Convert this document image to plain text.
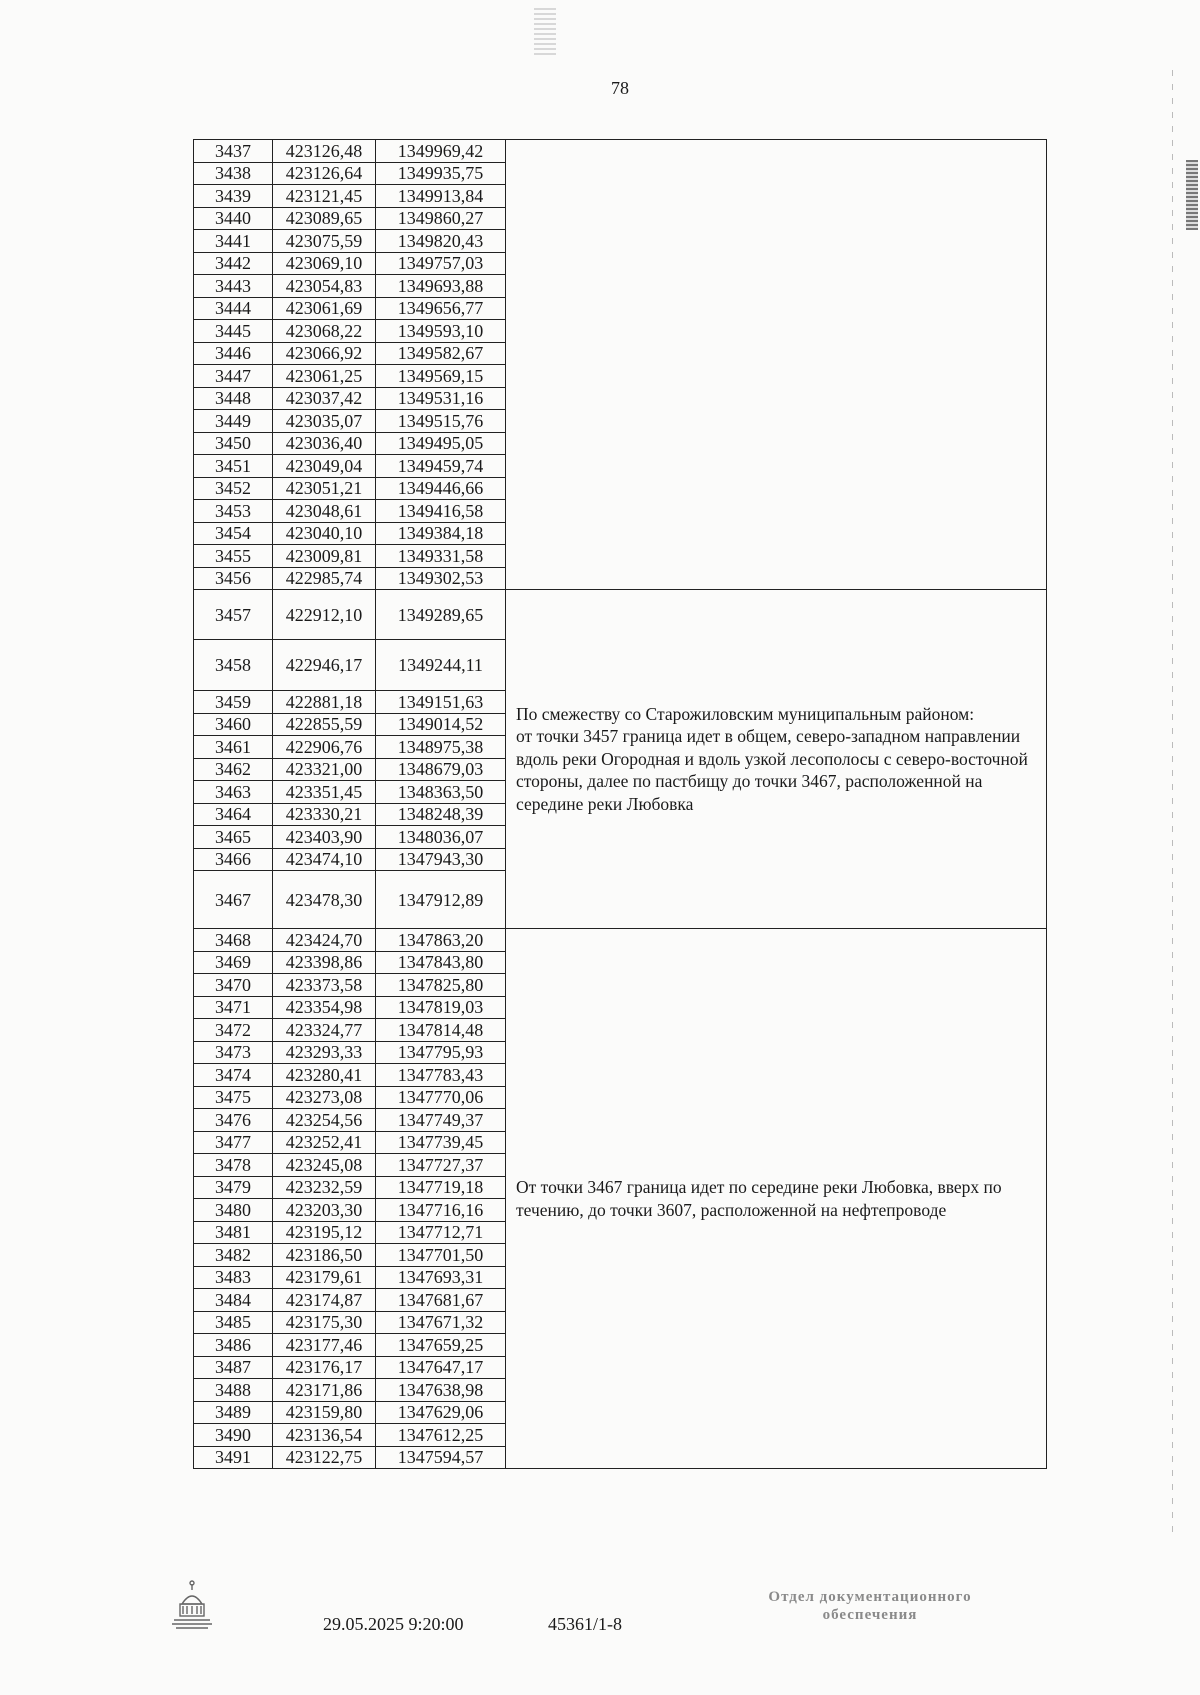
78
3437	423126,48	1349969,42	
3438	423126,64	1349935,75	
3439	423121,45	1349913,84	
3440	423089,65	1349860,27	
3441	423075,59	1349820,43	
3442	423069,10	1349757,03	
3443	423054,83	1349693,88	
3444	423061,69	1349656,77	
3445	423068,22	1349593,10	
3446	423066,92	1349582,67	
3447	423061,25	1349569,15	
3448	423037,42	1349531,16	
3449	423035,07	1349515,76	
3450	423036,40	1349495,05	
3451	423049,04	1349459,74	
3452	423051,21	1349446,66	
3453	423048,61	1349416,58	
3454	423040,10	1349384,18	
3455	423009,81	1349331,58	
3456	422985,74	1349302,53	
3457	422912,10	1349289,65	По смежеству со Старожиловским муниципальным районом:
от точки 3457 граница идет в общем, северо-западном направлении вдоль реки Огородная и вдоль узкой лесополосы с северо-восточной стороны, далее по пастбищу до точки 3467, расположенной на середине реки Любовка

3458	422946,17	1349244,11	
3459	422881,18	1349151,63	
3460	422855,59	1349014,52	
3461	422906,76	1348975,38	
3462	423321,00	1348679,03	
3463	423351,45	1348363,50	
3464	423330,21	1348248,39	
3465	423403,90	1348036,07	
3466	423474,10	1347943,30	
3467	423478,30	1347912,89	
3468	423424,70	1347863,20	От точки 3467 граница идет по середине реки Любовка, вверх по течению, до точки 3607, расположенной на нефтепроводе

3469	423398,86	1347843,80	
3470	423373,58	1347825,80	
3471	423354,98	1347819,03	
3472	423324,77	1347814,48	
3473	423293,33	1347795,93	
3474	423280,41	1347783,43	
3475	423273,08	1347770,06	
3476	423254,56	1347749,37	
3477	423252,41	1347739,45	
3478	423245,08	1347727,37	
3479	423232,59	1347719,18	
3480	423203,30	1347716,16	
3481	423195,12	1347712,71	
3482	423186,50	1347701,50	
3483	423179,61	1347693,31	
3484	423174,87	1347681,67	
3485	423175,30	1347671,32	
3486	423177,46	1347659,25	
3487	423176,17	1347647,17	
3488	423171,86	1347638,98	
3489	423159,80	1347629,06	
3490	423136,54	1347612,25	
3491	423122,75	1347594,57	
29.05.2025 9:20:00	45361/1-8
Отдел документационного
обеспечения
